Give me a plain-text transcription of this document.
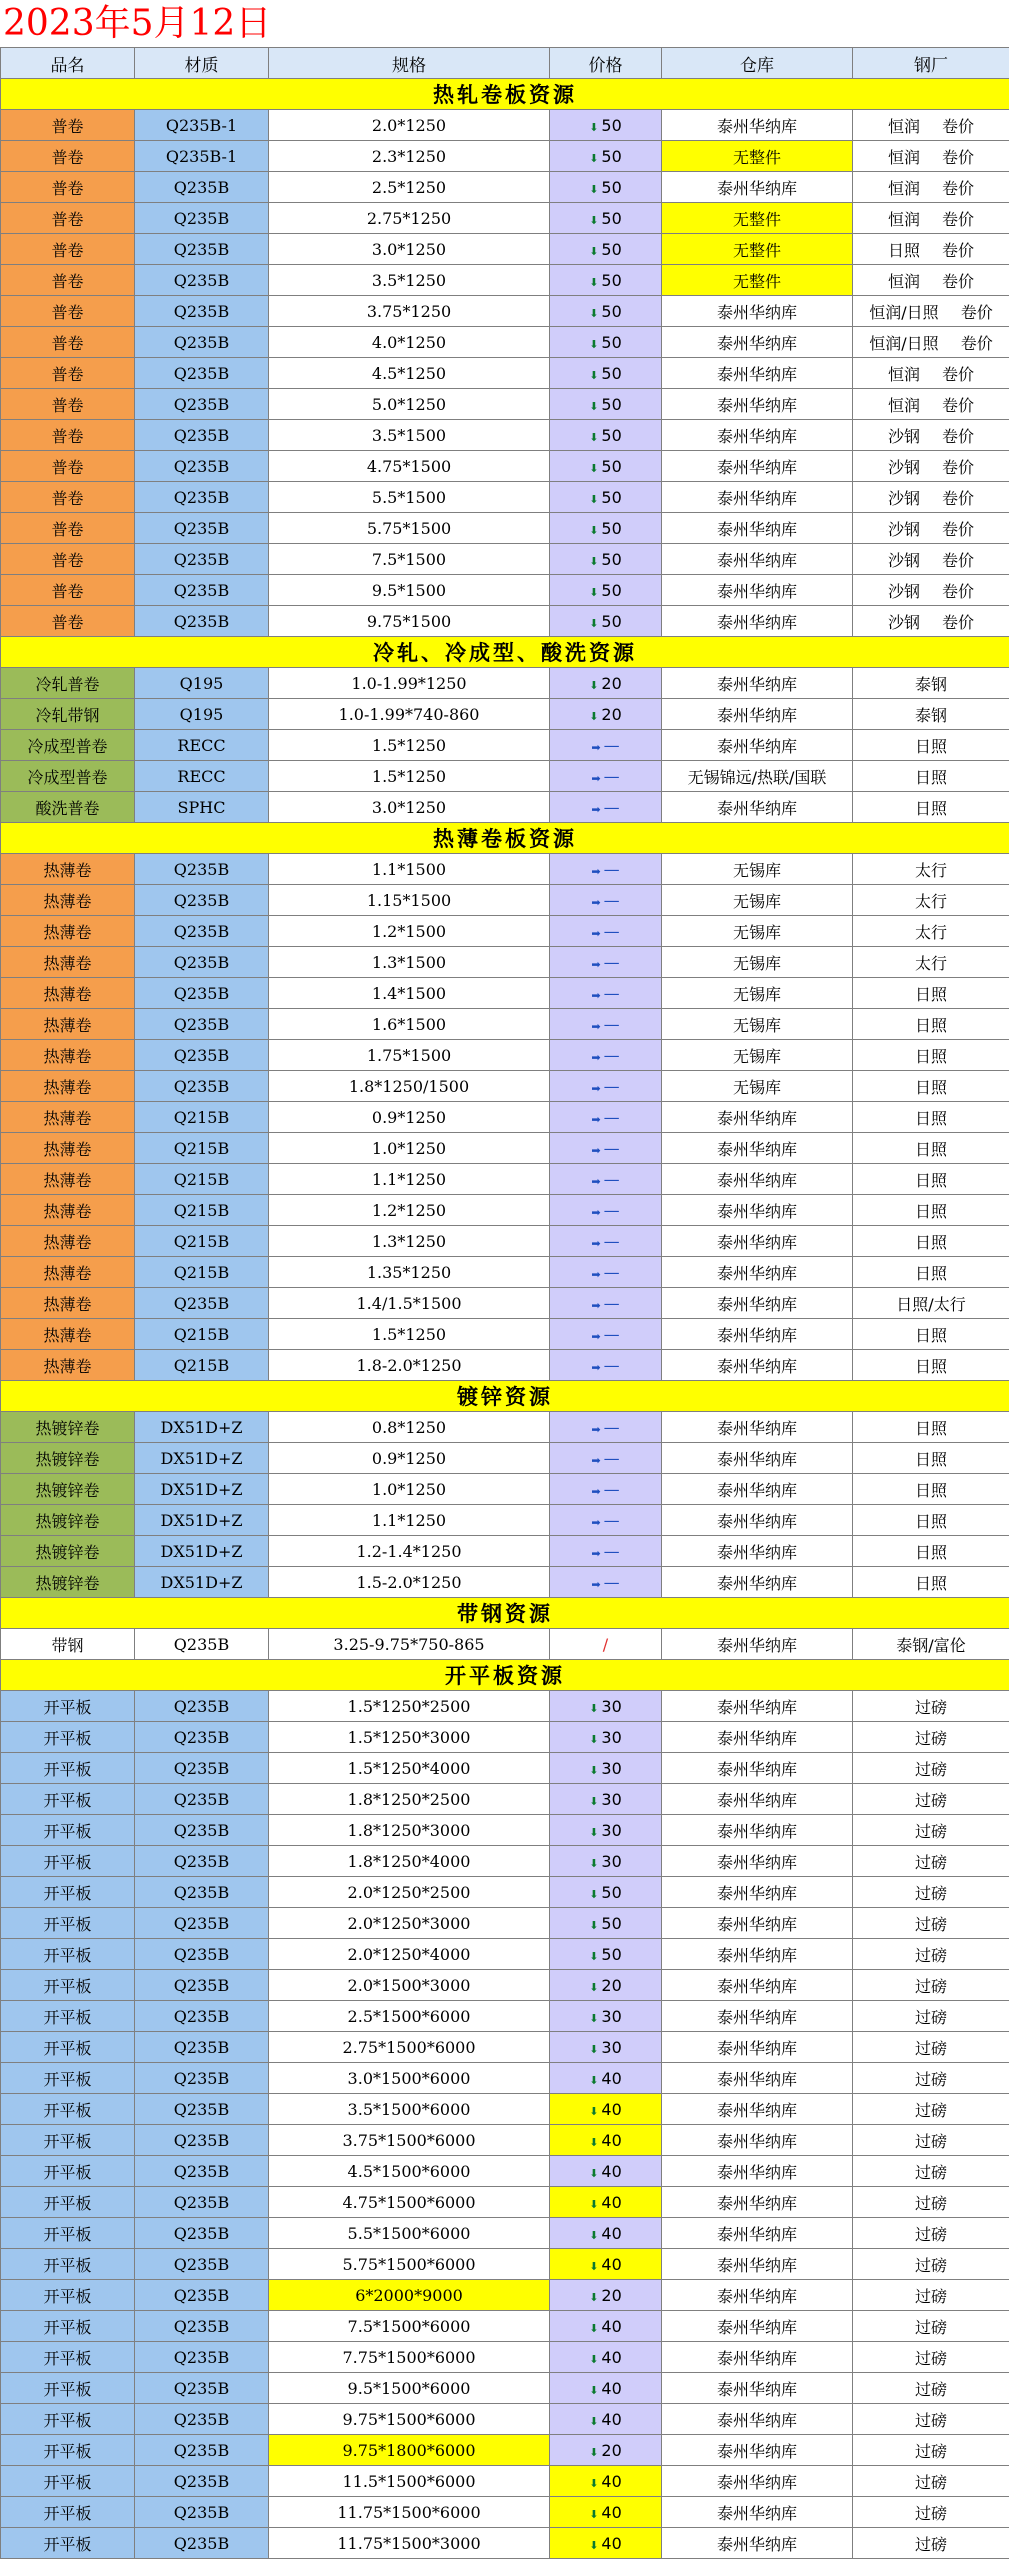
2023年5月12日
品名	材质	规格	价格	仓库	钢厂
热轧卷板资源					
普卷	Q235B-1	2.0*1250	⬇ 50	泰州华纳库	恒润 卷价
普卷	Q235B-1	2.3*1250	⬇ 50	无整件	恒润 卷价
普卷	Q235B	2.5*1250	⬇ 50	泰州华纳库	恒润 卷价
普卷	Q235B	2.75*1250	⬇ 50	无整件	恒润 卷价
普卷	Q235B	3.0*1250	⬇ 50	无整件	日照 卷价
普卷	Q235B	3.5*1250	⬇ 50	无整件	恒润 卷价
普卷	Q235B	3.75*1250	⬇ 50	泰州华纳库	恒润/日照 卷价
普卷	Q235B	4.0*1250	⬇ 50	泰州华纳库	恒润/日照 卷价
普卷	Q235B	4.5*1250	⬇ 50	泰州华纳库	恒润 卷价
普卷	Q235B	5.0*1250	⬇ 50	泰州华纳库	恒润 卷价
普卷	Q235B	3.5*1500	⬇ 50	泰州华纳库	沙钢 卷价
普卷	Q235B	4.75*1500	⬇ 50	泰州华纳库	沙钢 卷价
普卷	Q235B	5.5*1500	⬇ 50	泰州华纳库	沙钢 卷价
普卷	Q235B	5.75*1500	⬇ 50	泰州华纳库	沙钢 卷价
普卷	Q235B	7.5*1500	⬇ 50	泰州华纳库	沙钢 卷价
普卷	Q235B	9.5*1500	⬇ 50	泰州华纳库	沙钢 卷价
普卷	Q235B	9.75*1500	⬇ 50	泰州华纳库	沙钢 卷价
冷轧、冷成型、酸洗资源					
冷轧普卷	Q195	1.0-1.99*1250	⬇ 20	泰州华纳库	泰钢
冷轧带钢	Q195	1.0-1.99*740-860	⬇ 20	泰州华纳库	泰钢
冷成型普卷	RECC	1.5*1250	➡ —	泰州华纳库	日照
冷成型普卷	RECC	1.5*1250	➡ —	无锡锦远/热联/国联	日照
酸洗普卷	SPHC	3.0*1250	➡ —	泰州华纳库	日照
热薄卷板资源					
热薄卷	Q235B	1.1*1500	➡ —	无锡库	太行
热薄卷	Q235B	1.15*1500	➡ —	无锡库	太行
热薄卷	Q235B	1.2*1500	➡ —	无锡库	太行
热薄卷	Q235B	1.3*1500	➡ —	无锡库	太行
热薄卷	Q235B	1.4*1500	➡ —	无锡库	日照
热薄卷	Q235B	1.6*1500	➡ —	无锡库	日照
热薄卷	Q235B	1.75*1500	➡ —	无锡库	日照
热薄卷	Q235B	1.8*1250/1500	➡ —	无锡库	日照
热薄卷	Q215B	0.9*1250	➡ —	泰州华纳库	日照
热薄卷	Q215B	1.0*1250	➡ —	泰州华纳库	日照
热薄卷	Q215B	1.1*1250	➡ —	泰州华纳库	日照
热薄卷	Q215B	1.2*1250	➡ —	泰州华纳库	日照
热薄卷	Q215B	1.3*1250	➡ —	泰州华纳库	日照
热薄卷	Q215B	1.35*1250	➡ —	泰州华纳库	日照
热薄卷	Q235B	1.4/1.5*1500	➡ —	泰州华纳库	日照/太行
热薄卷	Q215B	1.5*1250	➡ —	泰州华纳库	日照
热薄卷	Q215B	1.8-2.0*1250	➡ —	泰州华纳库	日照
镀锌资源					
热镀锌卷	DX51D+Z	0.8*1250	➡ —	泰州华纳库	日照
热镀锌卷	DX51D+Z	0.9*1250	➡ —	泰州华纳库	日照
热镀锌卷	DX51D+Z	1.0*1250	➡ —	泰州华纳库	日照
热镀锌卷	DX51D+Z	1.1*1250	➡ —	泰州华纳库	日照
热镀锌卷	DX51D+Z	1.2-1.4*1250	➡ —	泰州华纳库	日照
热镀锌卷	DX51D+Z	1.5-2.0*1250	➡ —	泰州华纳库	日照
带钢资源					
带钢	Q235B	3.25-9.75*750-865	/	泰州华纳库	泰钢/富伦
开平板资源					
开平板	Q235B	1.5*1250*2500	⬇ 30	泰州华纳库	过磅
开平板	Q235B	1.5*1250*3000	⬇ 30	泰州华纳库	过磅
开平板	Q235B	1.5*1250*4000	⬇ 30	泰州华纳库	过磅
开平板	Q235B	1.8*1250*2500	⬇ 30	泰州华纳库	过磅
开平板	Q235B	1.8*1250*3000	⬇ 30	泰州华纳库	过磅
开平板	Q235B	1.8*1250*4000	⬇ 30	泰州华纳库	过磅
开平板	Q235B	2.0*1250*2500	⬇ 50	泰州华纳库	过磅
开平板	Q235B	2.0*1250*3000	⬇ 50	泰州华纳库	过磅
开平板	Q235B	2.0*1250*4000	⬇ 50	泰州华纳库	过磅
开平板	Q235B	2.0*1500*3000	⬇ 20	泰州华纳库	过磅
开平板	Q235B	2.5*1500*6000	⬇ 30	泰州华纳库	过磅
开平板	Q235B	2.75*1500*6000	⬇ 30	泰州华纳库	过磅
开平板	Q235B	3.0*1500*6000	⬇ 40	泰州华纳库	过磅
开平板	Q235B	3.5*1500*6000	⬇ 40	泰州华纳库	过磅
开平板	Q235B	3.75*1500*6000	⬇ 40	泰州华纳库	过磅
开平板	Q235B	4.5*1500*6000	⬇ 40	泰州华纳库	过磅
开平板	Q235B	4.75*1500*6000	⬇ 40	泰州华纳库	过磅
开平板	Q235B	5.5*1500*6000	⬇ 40	泰州华纳库	过磅
开平板	Q235B	5.75*1500*6000	⬇ 40	泰州华纳库	过磅
开平板	Q235B	6*2000*9000	⬇ 20	泰州华纳库	过磅
开平板	Q235B	7.5*1500*6000	⬇ 40	泰州华纳库	过磅
开平板	Q235B	7.75*1500*6000	⬇ 40	泰州华纳库	过磅
开平板	Q235B	9.5*1500*6000	⬇ 40	泰州华纳库	过磅
开平板	Q235B	9.75*1500*6000	⬇ 40	泰州华纳库	过磅
开平板	Q235B	9.75*1800*6000	⬇ 20	泰州华纳库	过磅
开平板	Q235B	11.5*1500*6000	⬇ 40	泰州华纳库	过磅
开平板	Q235B	11.75*1500*6000	⬇ 40	泰州华纳库	过磅
开平板	Q235B	11.75*1500*3000	⬇ 40	泰州华纳库	过磅
